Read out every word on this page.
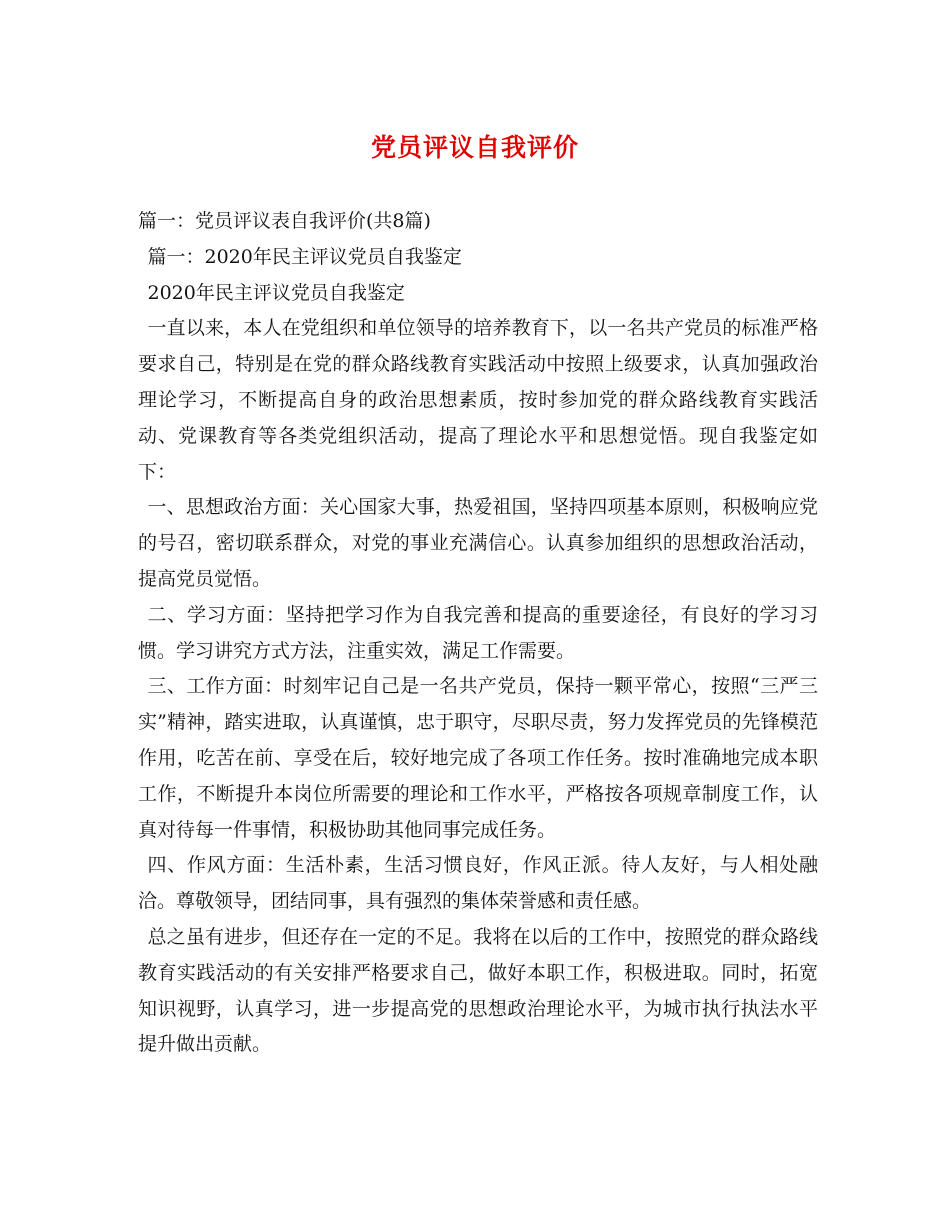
党员评议自我评价
篇一：党员评议表自我评价(共8篇)
篇一：2020年民主评议党员自我鉴定
2020年民主评议党员自我鉴定

一直以来，本人在党组织和单位领导的培养教育下，以一名共产党员的标准严格要求自己，特别是在党的群众路线教育实践活动中按照上级要求，认真加强政治理论学习，不断提高自身的政治思想素质，按时参加党的群众路线教育实践活动、党课教育等各类党组织活动，提高了理论水平和思想觉悟。现自我鉴定如下：

一、思想政治方面：关心国家大事，热爱祖国，坚持四项基本原则，积极响应党的号召，密切联系群众，对党的事业充满信心。认真参加组织的思想政治活动，提高党员觉悟。

二、学习方面：坚持把学习作为自我完善和提高的重要途径，有良好的学习习惯。学习讲究方式方法，注重实效，满足工作需要。

三、工作方面：时刻牢记自己是一名共产党员，保持一颗平常心，按照“三严三实”精神，踏实进取，认真谨慎，忠于职守，尽职尽责，努力发挥党员的先锋模范作用，吃苦在前、享受在后，较好地完成了各项工作任务。按时准确地完成本职工作，不断提升本岗位所需要的理论和工作水平，严格按各项规章制度工作，认真对待每一件事情，积极协助其他同事完成任务。

四、作风方面：生活朴素，生活习惯良好，作风正派。待人友好，与人相处融洽。尊敬领导，团结同事，具有强烈的集体荣誉感和责任感。

总之虽有进步，但还存在一定的不足。我将在以后的工作中，按照党的群众路线教育实践活动的有关安排严格要求自己，做好本职工作，积极进取。同时，拓宽知识视野，认真学习，进一步提高党的思想政治理论水平，为城市执行执法水平提升做出贡献。
